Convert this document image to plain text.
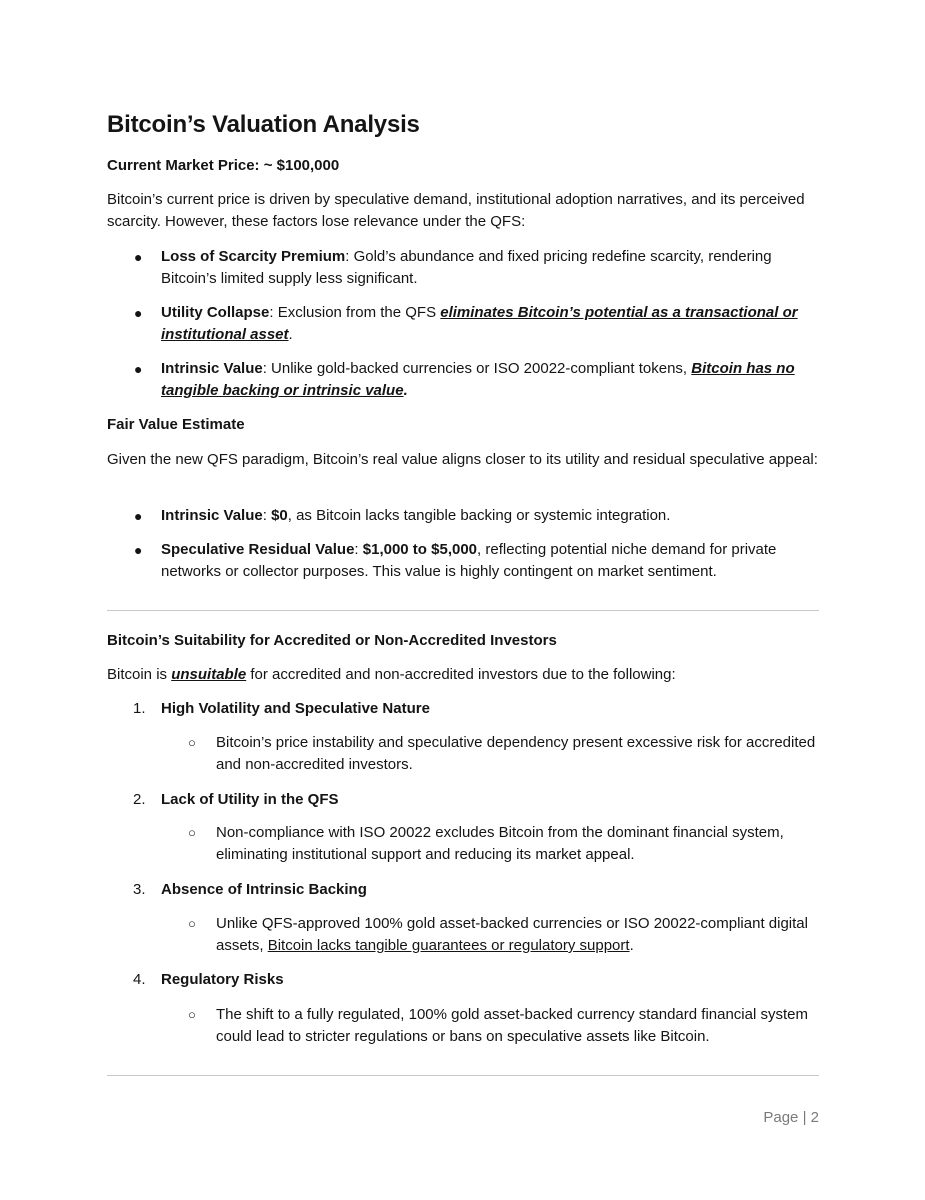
Bitcoin’s Valuation Analysis

Current Market Price: ~ $100,000

Bitcoin’s current price is driven by speculative demand, institutional adoption narratives, and its perceived scarcity. However, these factors lose relevance under the QFS:

● Loss of Scarcity Premium: Gold’s abundance and fixed pricing redefine scarcity, rendering Bitcoin’s limited supply less significant.
● Utility Collapse: Exclusion from the QFS eliminates Bitcoin’s potential as a transactional or institutional asset.
● Intrinsic Value: Unlike gold-backed currencies or ISO 20022-compliant tokens, Bitcoin has no tangible backing or intrinsic value.

Fair Value Estimate

Given the new QFS paradigm, Bitcoin’s real value aligns closer to its utility and residual speculative appeal:

● Intrinsic Value: $0, as Bitcoin lacks tangible backing or systemic integration.
● Speculative Residual Value: $1,000 to $5,000, reflecting potential niche demand for private networks or collector purposes. This value is highly contingent on market sentiment.

Bitcoin’s Suitability for Accredited or Non-Accredited Investors

Bitcoin is unsuitable for accredited and non-accredited investors due to the following:

1. High Volatility and Speculative Nature
○ Bitcoin’s price instability and speculative dependency present excessive risk for accredited and non-accredited investors.
2. Lack of Utility in the QFS
○ Non-compliance with ISO 20022 excludes Bitcoin from the dominant financial system, eliminating institutional support and reducing its market appeal.
3. Absence of Intrinsic Backing
○ Unlike QFS-approved 100% gold asset-backed currencies or ISO 20022-compliant digital assets, Bitcoin lacks tangible guarantees or regulatory support.
4. Regulatory Risks
○ The shift to a fully regulated, 100% gold asset-backed currency standard financial system could lead to stricter regulations or bans on speculative assets like Bitcoin.
Page | 2
